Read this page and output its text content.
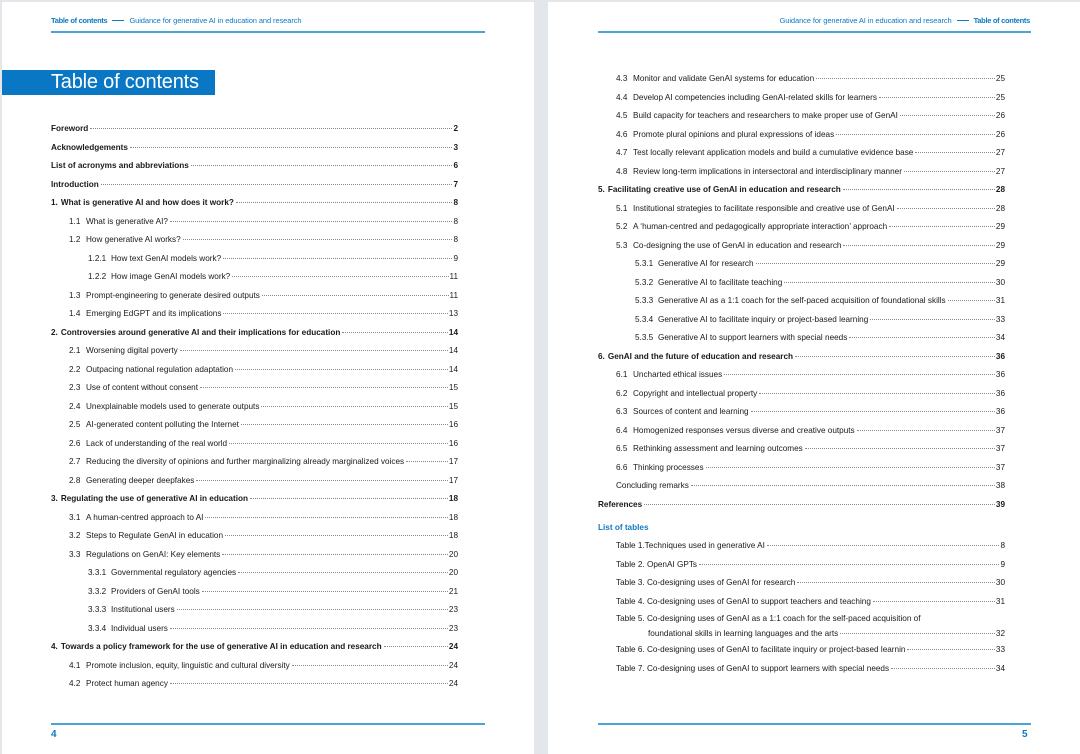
Table of contents	Guidance for generative AI in education and research
Table of contents
Foreword	2
Acknowledgements	3
List of acronyms and abbreviations	6
Introduction	7
1. What is generative AI and how does it work?	8
1.1 What is generative AI?	8
1.2 How generative AI works?	8
1.2.1 How text GenAI models work?	9
1.2.2 How image GenAI models work?	11
1.3 Prompt-engineering to generate desired outputs	11
1.4 Emerging EdGPT and its implications	13
2. Controversies around generative AI and their implications for education	14
2.1 Worsening digital poverty	14
2.2 Outpacing national regulation adaptation	14
2.3 Use of content without consent	15
2.4 Unexplainable models used to generate outputs	15
2.5 AI-generated content polluting the Internet	16
2.6 Lack of understanding of the real world	16
2.7 Reducing the diversity of opinions and further marginalizing already marginalized voices	17
2.8 Generating deeper deepfakes	17
3. Regulating the use of generative AI in education	18
3.1 A human-centred approach to AI	18
3.2 Steps to Regulate GenAI in education	18
3.3 Regulations on GenAI: Key elements	20
3.3.1 Governmental regulatory agencies	20
3.3.2 Providers of GenAI tools	21
3.3.3 Institutional users	23
3.3.4 Individual users	23
4. Towards a policy framework for the use of generative AI in education and research	24
4.1 Promote inclusion, equity, linguistic and cultural diversity	24
4.2 Protect human agency	24
4
Guidance for generative AI in education and research	Table of contents
4.3 Monitor and validate GenAI systems for education	25
4.4 Develop AI competencies including GenAI-related skills for learners	25
4.5 Build capacity for teachers and researchers to make proper use of GenAI	26
4.6 Promote plural opinions and plural expressions of ideas	26
4.7 Test locally relevant application models and build a cumulative evidence base	27
4.8 Review long-term implications in intersectoral and interdisciplinary manner	27
5. Facilitating creative use of GenAI in education and research	28
5.1 Institutional strategies to facilitate responsible and creative use of GenAI	28
5.2 A ‘human-centred and pedagogically appropriate interaction’ approach	29
5.3 Co-designing the use of GenAI in education and research	29
5.3.1 Generative AI for research	29
5.3.2 Generative AI to facilitate teaching	30
5.3.3 Generative AI as a 1:1 coach for the self-paced acquisition of foundational skills	31
5.3.4 Generative AI to facilitate inquiry or project-based learning	33
5.3.5 Generative AI to support learners with special needs	34
6. GenAI and the future of education and research	36
6.1 Uncharted ethical issues	36
6.2 Copyright and intellectual property	36
6.3 Sources of content and learning	36
6.4 Homogenized responses versus diverse and creative outputs	37
6.5 Rethinking assessment and learning outcomes	37
6.6 Thinking processes	37
Concluding remarks	38
References	39
List of tables
Table 1.Techniques used in generative AI	8
Table 2. OpenAI GPTs	9
Table 3. Co-designing uses of GenAI for research	30
Table 4. Co-designing uses of GenAI to support teachers and teaching	31
Table 5. Co-designing uses of GenAI as a 1:1 coach for the self-paced acquisition of
foundational skills in learning languages and the arts	32
Table 6. Co-designing uses of GenAI to facilitate inquiry or project-based learnin	33
Table 7. Co-designing uses of GenAI to support learners with special needs	34
5
